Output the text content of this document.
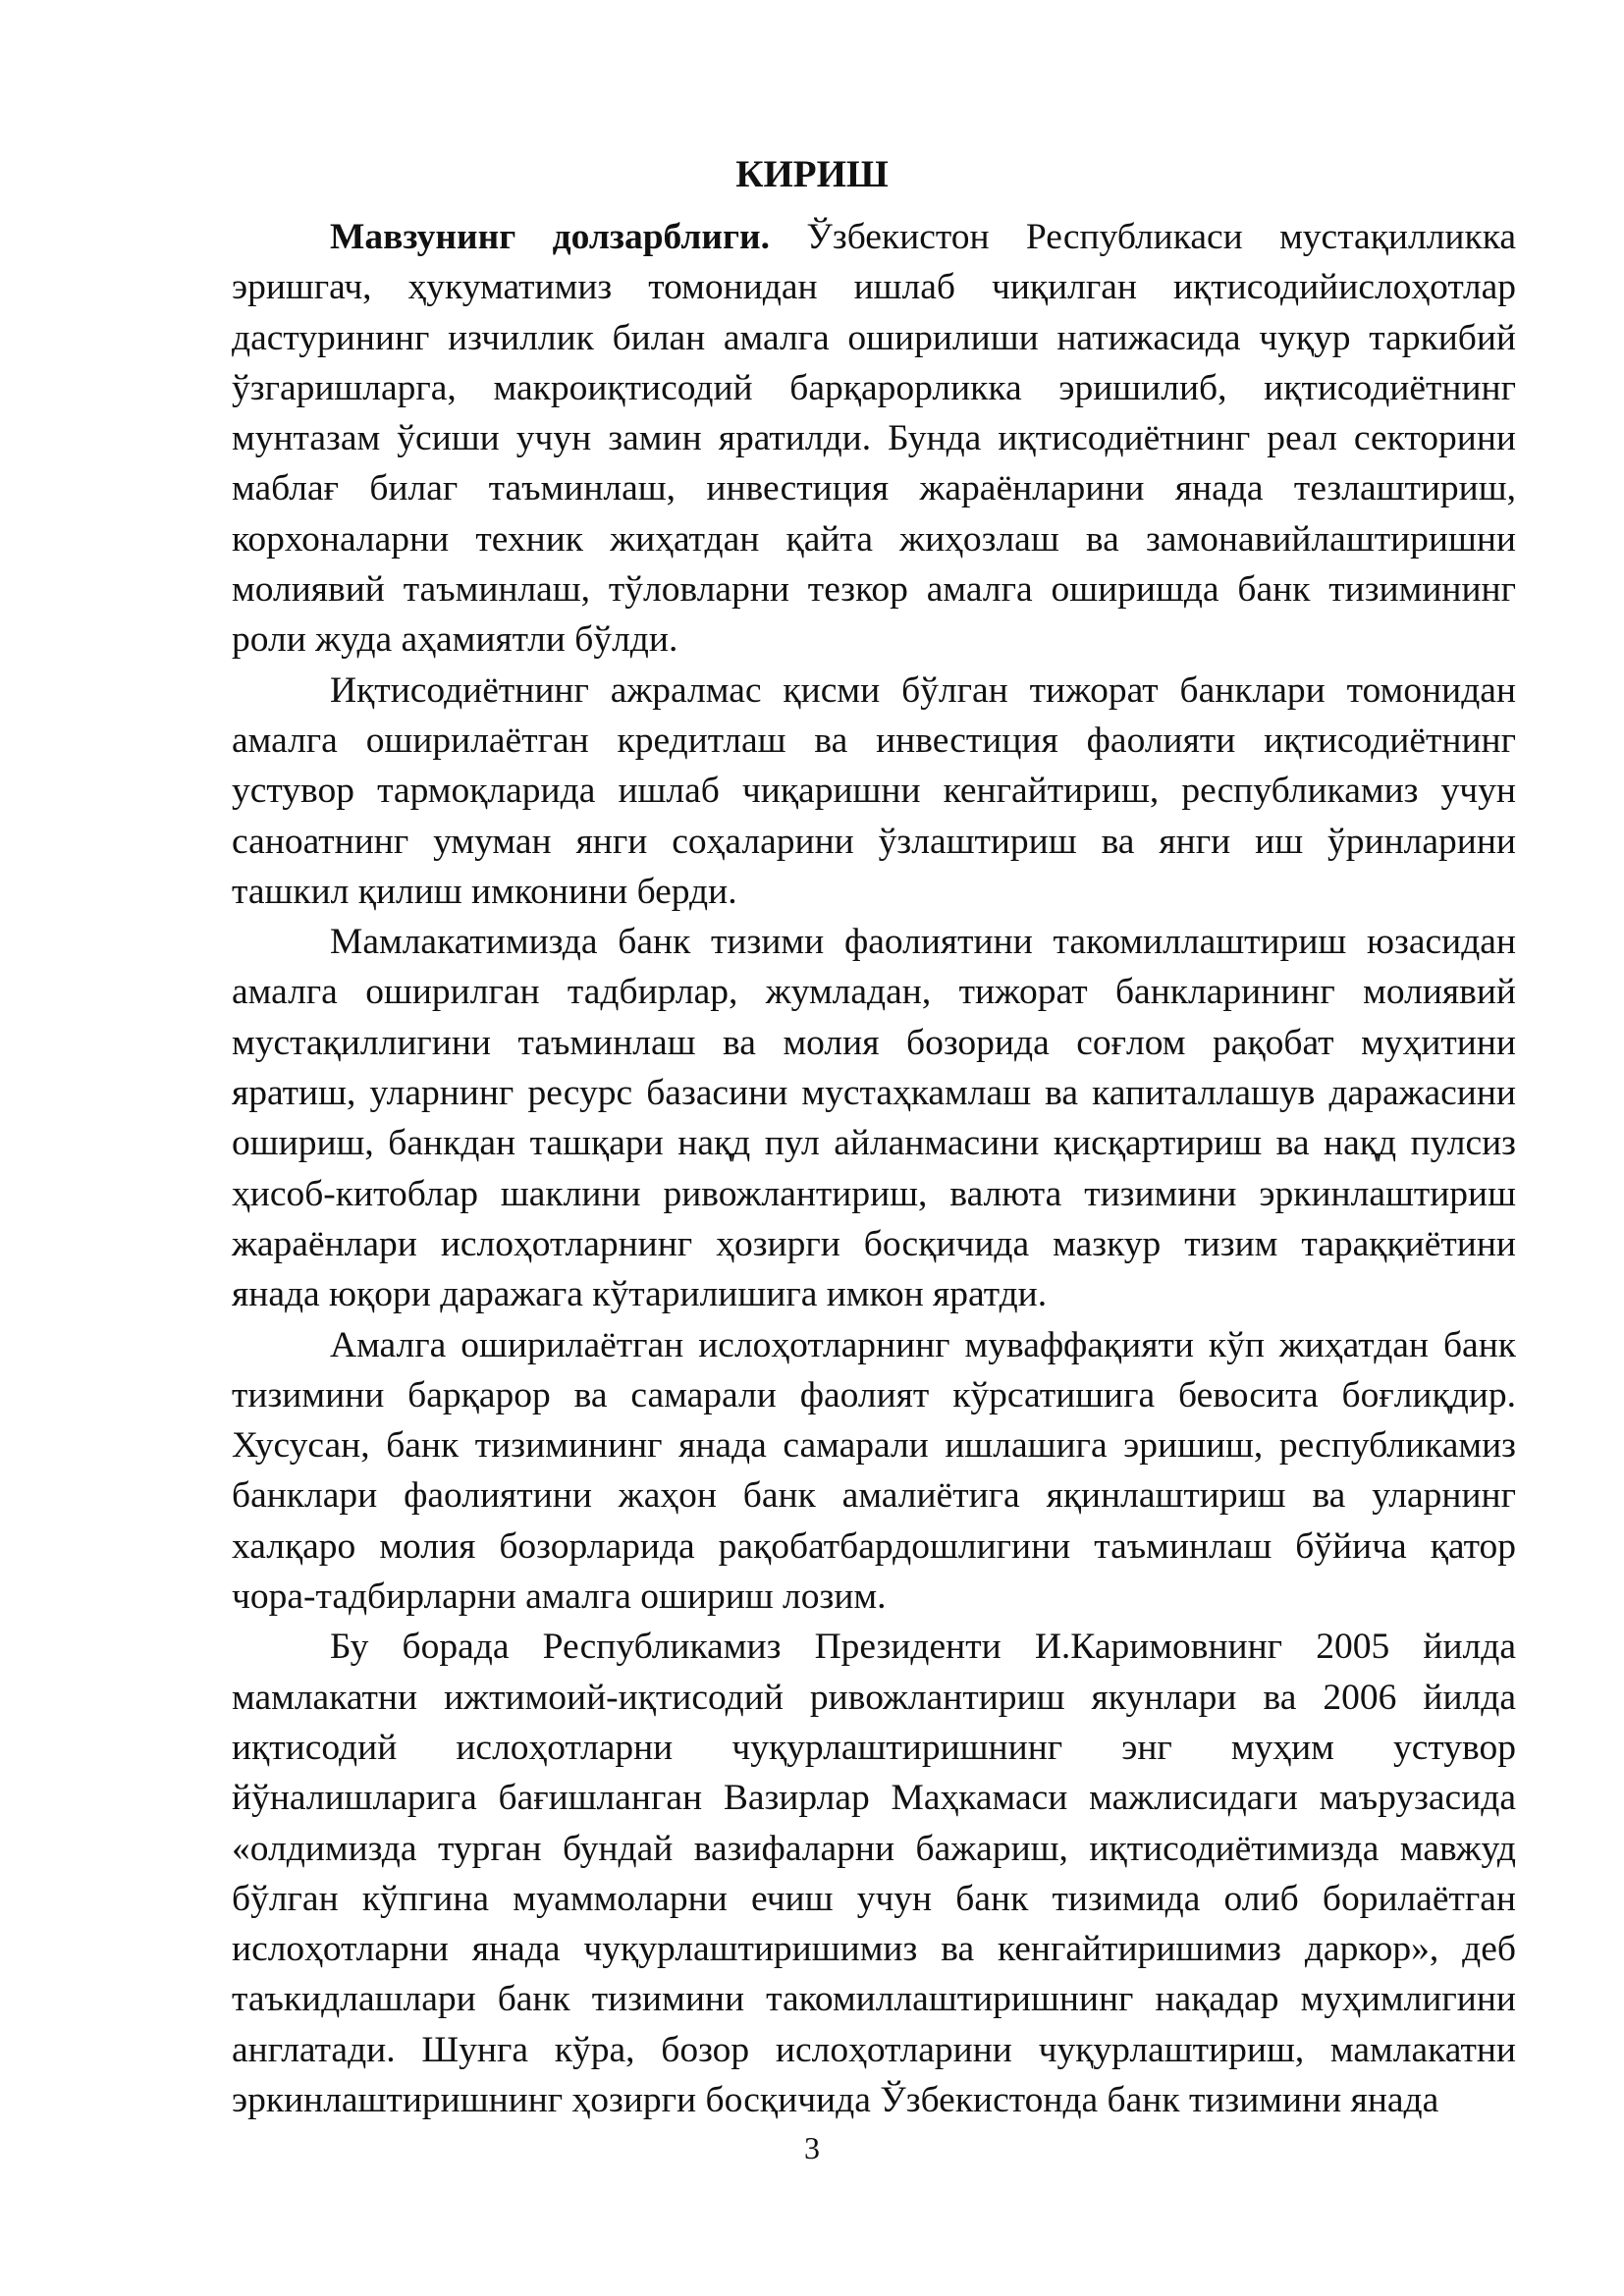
КИРИШ

Мавзунинг долзарблиги. Ўзбекистон Республикаси мустақилликка эришгач, ҳукуматимиз томонидан ишлаб чиқилган иқтисодийислоҳотлар дастурининг изчиллик билан амалга оширилиши натижасида чуқур таркибий ўзгаришларга, макроиқтисодий барқарорликка эришилиб, иқтисодиётнинг мунтазам ўсиши учун замин яратилди. Бунда иқтисодиётнинг реал секторини маблағ билаг таъминлаш, инвестиция жараёнларини янада тезлаштириш, корхоналарни техник жиҳатдан қайта жиҳозлаш ва замонавийлаштиришни молиявий таъминлаш, тўловларни тезкор амалга оширишда банк тизимининг роли жуда аҳамиятли бўлди.

Иқтисодиётнинг ажралмас қисми бўлган тижорат банклари томонидан амалга оширилаётган кредитлаш ва инвестиция фаолияти иқтисодиётнинг устувор тармоқларида ишлаб чиқаришни кенгайтириш, республикамиз учун саноатнинг умуман янги соҳаларини ўзлаштириш ва янги иш ўринларини ташкил қилиш имконини берди.

Мамлакатимизда банк тизими фаолиятини такомиллаштириш юзасидан амалга оширилган тадбирлар, жумладан, тижорат банкларининг молиявий мустақиллигини таъминлаш ва молия бозорида соғлом рақобат муҳитини яратиш, уларнинг ресурс базасини мустаҳкамлаш ва капиталлашув даражасини ошириш, банкдан ташқари нақд пул айланмасини қисқартириш ва нақд пулсиз ҳисоб-китоблар шаклини ривожлантириш, валюта тизимини эркинлаштириш жараёнлари ислоҳотларнинг ҳозирги босқичида мазкур тизим тараққиётини янада юқори даражага кўтарилишига имкон яратди.

Амалга оширилаётган ислоҳотларнинг муваффақияти кўп жиҳатдан банк тизимини барқарор ва самарали фаолият кўрсатишига бевосита боғлиқдир. Хусусан, банк тизимининг янада самарали ишлашига эришиш, республикамиз банклари фаолиятини жаҳон банк амалиётига яқинлаштириш ва уларнинг халқаро молия бозорларида рақобатбардошлигини таъминлаш бўйича қатор чора-тадбирларни амалга ошириш лозим.

Бу борада Республикамиз Президенти И.Каримовнинг 2005 йилда мамлакатни ижтимоий-иқтисодий ривожлантириш якунлари ва 2006 йилда иқтисодий ислоҳотларни чуқурлаштиришнинг энг муҳим устувор йўналишларига бағишланган Вазирлар Маҳкамаси мажлисидаги маърузасида «олдимизда турган бундай вазифаларни бажариш, иқтисодиётимизда мавжуд бўлган кўпгина муаммоларни ечиш учун банк тизимида олиб борилаётган ислоҳотларни янада чуқурлаштиришимиз ва кенгайтиришимиз даркор», деб таъкидлашлари банк тизимини такомиллаштиришнинг нақадар муҳимлигини англатади. Шунга кўра, бозор ислоҳотларини чуқурлаштириш, мамлакатни эркинлаштиришнинг ҳозирги босқичида Ўзбекистонда банк тизимини янада

3
